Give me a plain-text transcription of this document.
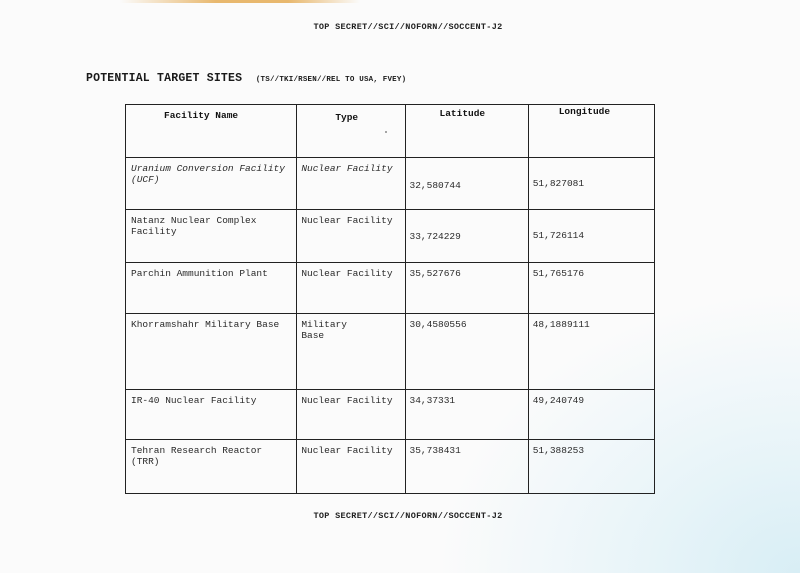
TOP SECRET//SCI//NOFORN//SOCCENT-J2
POTENTIAL TARGET SITES (TS//TKI/RSEN//REL TO USA, FVEY)
Facility Name	Type	Latitude	Longitude

Uranium Conversion Facility (UCF)	Nuclear Facility	32,580744	51,827081

Natanz Nuclear Complex Facility	Nuclear Facility	33,724229	51,726114

Parchin Ammunition Plant	Nuclear Facility	35,527676	51,765176

Khorramshahr Military Base	Military Base	30,4580556	48,1889111

IR-40 Nuclear Facility	Nuclear Facility	34,37331	49,240749

Tehran Research Reactor (TRR)	Nuclear Facility	35,738431	51,388253
TOP SECRET//SCI//NOFORN//SOCCENT-J2
